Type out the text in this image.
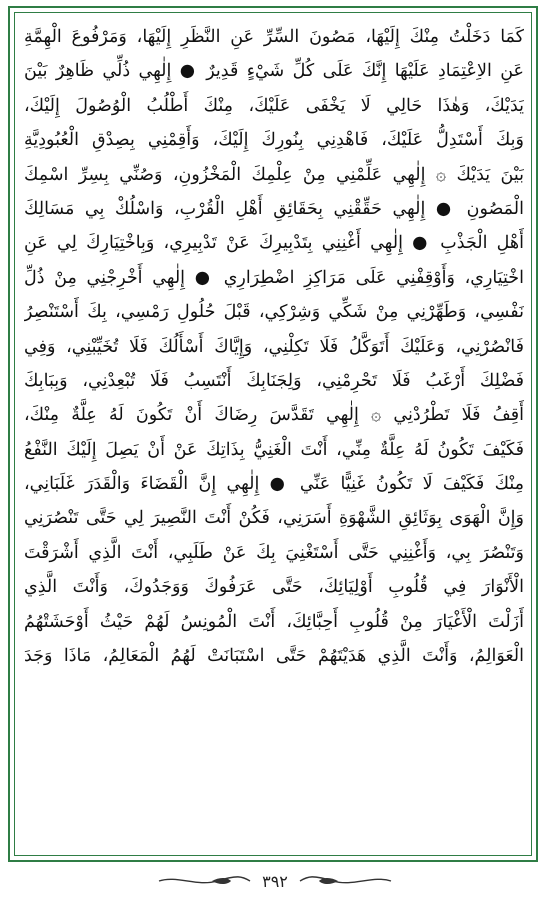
كَمَا دَخَلْتُ مِنْكَ إِلَيْهَا، مَصُونَ السِّرِّ عَنِ النَّظَرِ إِلَيْهَا، وَمَرْفُوعَ الْهِمَّةِ
عَنِ الاِعْتِمَادِ عَلَيْهَا إِنَّكَ عَلَى كُلِّ شَيْءٍ قَدِيرٌ ● إِلٰهِي ذُلِّي ظَاهِرٌ بَيْنَ
يَدَيْكَ، وَهٰذَا حَالِي لَا يَخْفَى عَلَيْكَ، مِنْكَ أَطْلُبُ الْوُصُولَ إِلَيْكَ،
وَبِكَ أَسْتَدِلُّ عَلَيْكَ، فَاهْدِنِي بِنُورِكَ إِلَيْكَ، وَأَقِمْنِي بِصِدْقِ الْعُبُودِيَّةِ
بَيْنَ يَدَيْكَ ۞ إِلٰهِي عَلِّمْنِي مِنْ عِلْمِكَ الْمَخْزُونِ، وَصُنِّي بِسِرِّ اسْمِكَ
الْمَصُونِ ● إِلٰهِي حَقِّقْنِي بِحَقَائِقِ أَهْلِ الْقُرْبِ، وَاسْلُكْ بِي مَسَالِكَ
أَهْلِ الْجَذْبِ ● إِلٰهِي أَغْنِنِي بِتَدْبِيرِكَ عَنْ تَدْبِيرِي، وَبِاخْتِيَارِكَ لِي عَنِ
اخْتِيَارِي، وَأَوْقِفْنِي عَلَى مَرَاكِزِ اضْطِرَارِي ● إِلٰهِي أَخْرِجْنِي مِنْ ذُلِّ
نَفْسِي، وَطَهِّرْنِي مِنْ شَكِّي وَشِرْكِي، قَبْلَ حُلُولِ رَمْسِي، بِكَ أَسْتَنْصِرُ
فَانْصُرْنِي، وَعَلَيْكَ أَتَوَكَّلُ فَلَا تَكِلْنِي، وَإِيَّاكَ أَسْأَلُكَ فَلَا تُخَيِّبْنِي، وَفِي
فَضْلِكَ أَرْغَبُ فَلَا تَحْرِمْنِي، وَلِجَنَابِكَ أَنْتَسِبُ فَلَا تُبْعِدْنِي، وَبِبَابِكَ
أَقِفُ فَلَا تَطْرُدْنِي ۞ إِلٰهِي تَقَدَّسَ رِضَاكَ أَنْ تَكُونَ لَهُ عِلَّةٌ مِنْكَ،
فَكَيْفَ تَكُونُ لَهُ عِلَّةٌ مِنِّي، أَنْتَ الْغَنِيُّ بِذَاتِكَ عَنْ أَنْ يَصِلَ إِلَيْكَ النَّفْعُ
مِنْكَ فَكَيْفَ لَا تَكُونُ غَنِيًّا عَنِّي ● إِلٰهِي إِنَّ الْقَضَاءَ وَالْقَدَرَ غَلَبَانِي،
وَإِنَّ الْهَوَى بِوَثَائِقِ الشَّهْوَةِ أَسَرَنِي، فَكُنْ أَنْتَ النَّصِيرَ لِي حَتَّى تَنْصُرَنِي
وَتَنْصُرَ بِي، وَأَغْنِنِي حَتَّى أَسْتَغْنِيَ بِكَ عَنْ طَلَبِي، أَنْتَ الَّذِي أَشْرَقْتَ
الْأَنْوَارَ فِي قُلُوبِ أَوْلِيَائِكَ، حَتَّى عَرَفُوكَ وَوَجَدُوكَ، وَأَنْتَ الَّذِي
أَزَلْتَ الْأَغْيَارَ مِنْ قُلُوبِ أَحِبَّائِكَ، أَنْتَ الْمُونِسُ لَهُمْ حَيْثُ أَوْحَشَتْهُمُ
الْعَوَالِمُ، وَأَنْتَ الَّذِي هَدَيْتَهُمْ حَتَّى اسْتَبَانَتْ لَهُمُ الْمَعَالِمُ، مَاذَا وَجَدَ
٣٩٢
